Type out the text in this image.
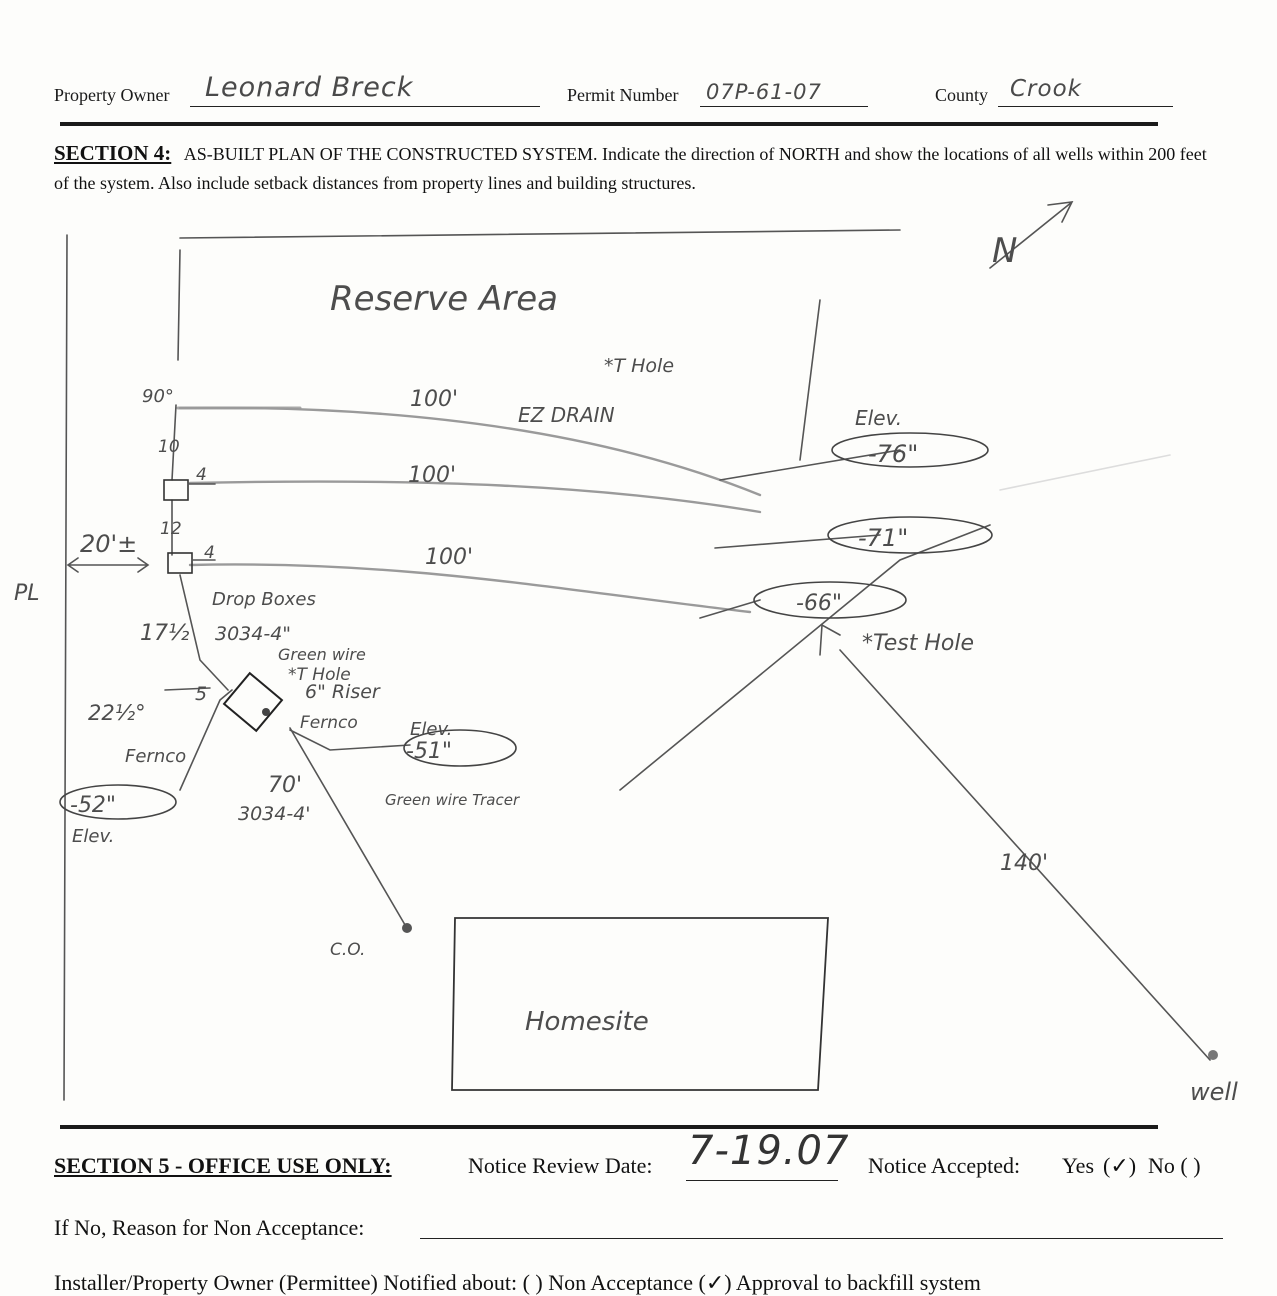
Property Owner Leonard Breck	Permit Number 07P-61-07	County Crook
SECTION 4: AS-BUILT PLAN OF THE CONSTRUCTED SYSTEM. Indicate the direction of NORTH and show the locations of all wells within 200 feet of the system. Also include setback distances from property lines and building structures.
N
Reserve Area
*T Hole
90°	100'
EZ DRAIN
100'
100'
Elev.
-76"
-71"
-66"
*Test Hole
10
12
4
4
20'±
PL	Drop Boxes
17½ 3034-4"
Green wire
*T Hole
6" Riser
22½°
Fernco
5
Fernco	Elev.
-51"
-52"
Elev.
70'
3034-4'
Green wire Tracer
140'
C.O.
Homesite
well
SECTION 5 - OFFICE USE ONLY:	Notice Review Date: 7-19.07 Notice Accepted: Yes (✓) No ( )
If No, Reason for Non Acceptance:
Installer/Property Owner (Permittee) Notified about: ( ) Non Acceptance (✓) Approval to backfill system
